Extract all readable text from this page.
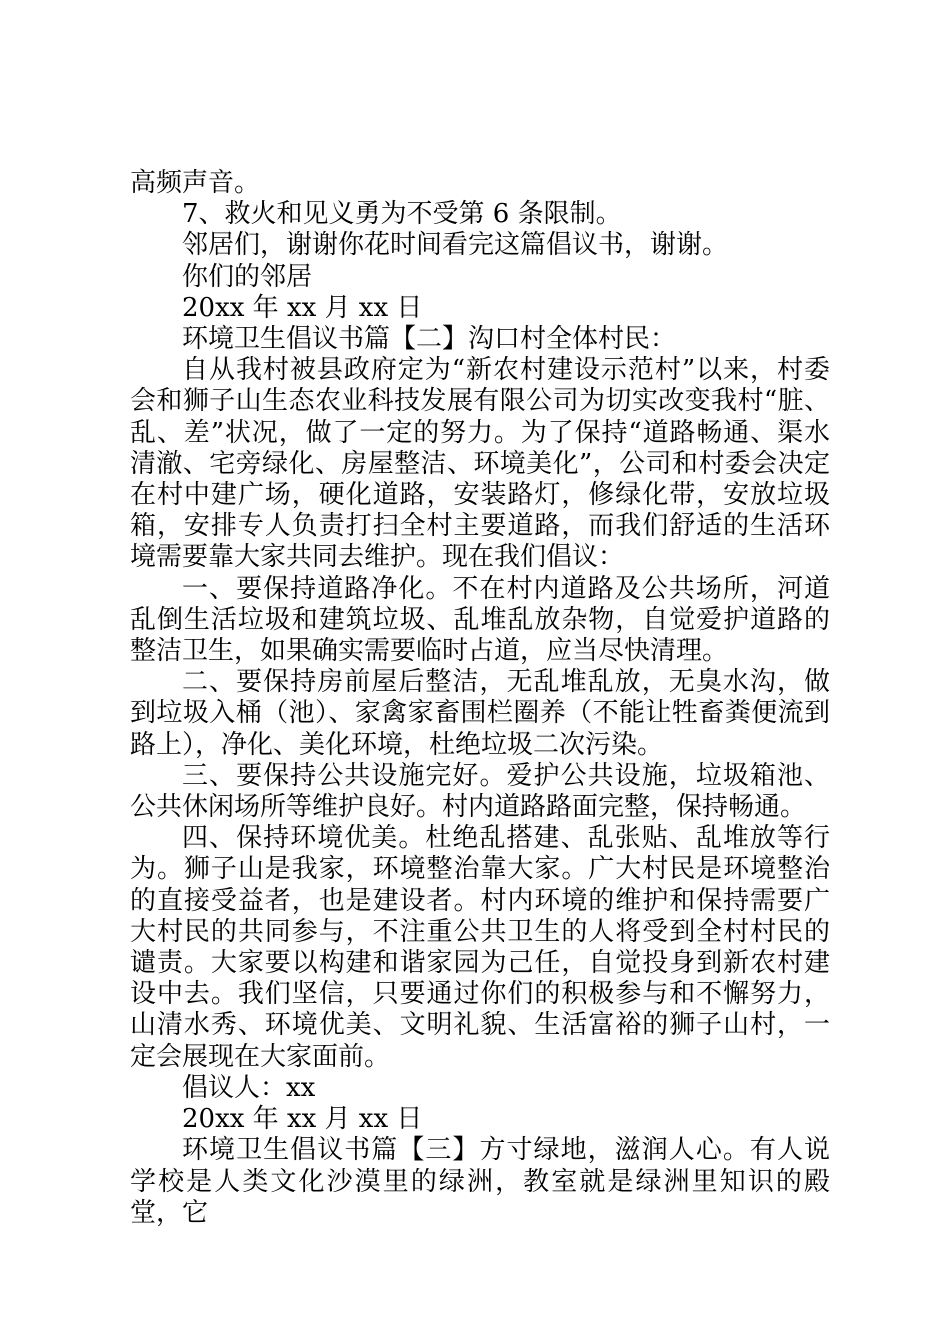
高频声音。

7、救火和见义勇为不受第 6 条限制。

邻居们，谢谢你花时间看完这篇倡议书，谢谢。

你们的邻居

20xx 年 xx 月 xx 日

环境卫生倡议书篇【二】沟口村全体村民：

自从我村被县政府定为“新农村建设示范村”以来，村委会和狮子山生态农业科技发展有限公司为切实改变我村“脏、乱、差”状况，做了一定的努力。为了保持“道路畅通、渠水清澈、宅旁绿化、房屋整洁、环境美化”，公司和村委会决定在村中建广场，硬化道路，安装路灯，修绿化带，安放垃圾箱，安排专人负责打扫全村主要道路，而我们舒适的生活环境需要靠大家共同去维护。现在我们倡议：

一、要保持道路净化。不在村内道路及公共场所，河道乱倒生活垃圾和建筑垃圾、乱堆乱放杂物，自觉爱护道路的整洁卫生，如果确实需要临时占道，应当尽快清理。

二、要保持房前屋后整洁，无乱堆乱放，无臭水沟，做到垃圾入桶（池）、家禽家畜围栏圈养（不能让牲畜粪便流到路上），净化、美化环境，杜绝垃圾二次污染。

三、要保持公共设施完好。爱护公共设施，垃圾箱池、公共休闲场所等维护良好。村内道路路面完整，保持畅通。

四、保持环境优美。杜绝乱搭建、乱张贴、乱堆放等行为。狮子山是我家，环境整治靠大家。广大村民是环境整治的直接受益者，也是建设者。村内环境的维护和保持需要广大村民的共同参与，不注重公共卫生的人将受到全村村民的谴责。大家要以构建和谐家园为己任，自觉投身到新农村建设中去。我们坚信，只要通过你们的积极参与和不懈努力，山清水秀、环境优美、文明礼貌、生活富裕的狮子山村，一定会展现在大家面前。

倡议人：xx

20xx 年 xx 月 xx 日

环境卫生倡议书篇【三】方寸绿地，滋润人心。有人说学校是人类文化沙漠里的绿洲，教室就是绿洲里知识的殿堂，它
